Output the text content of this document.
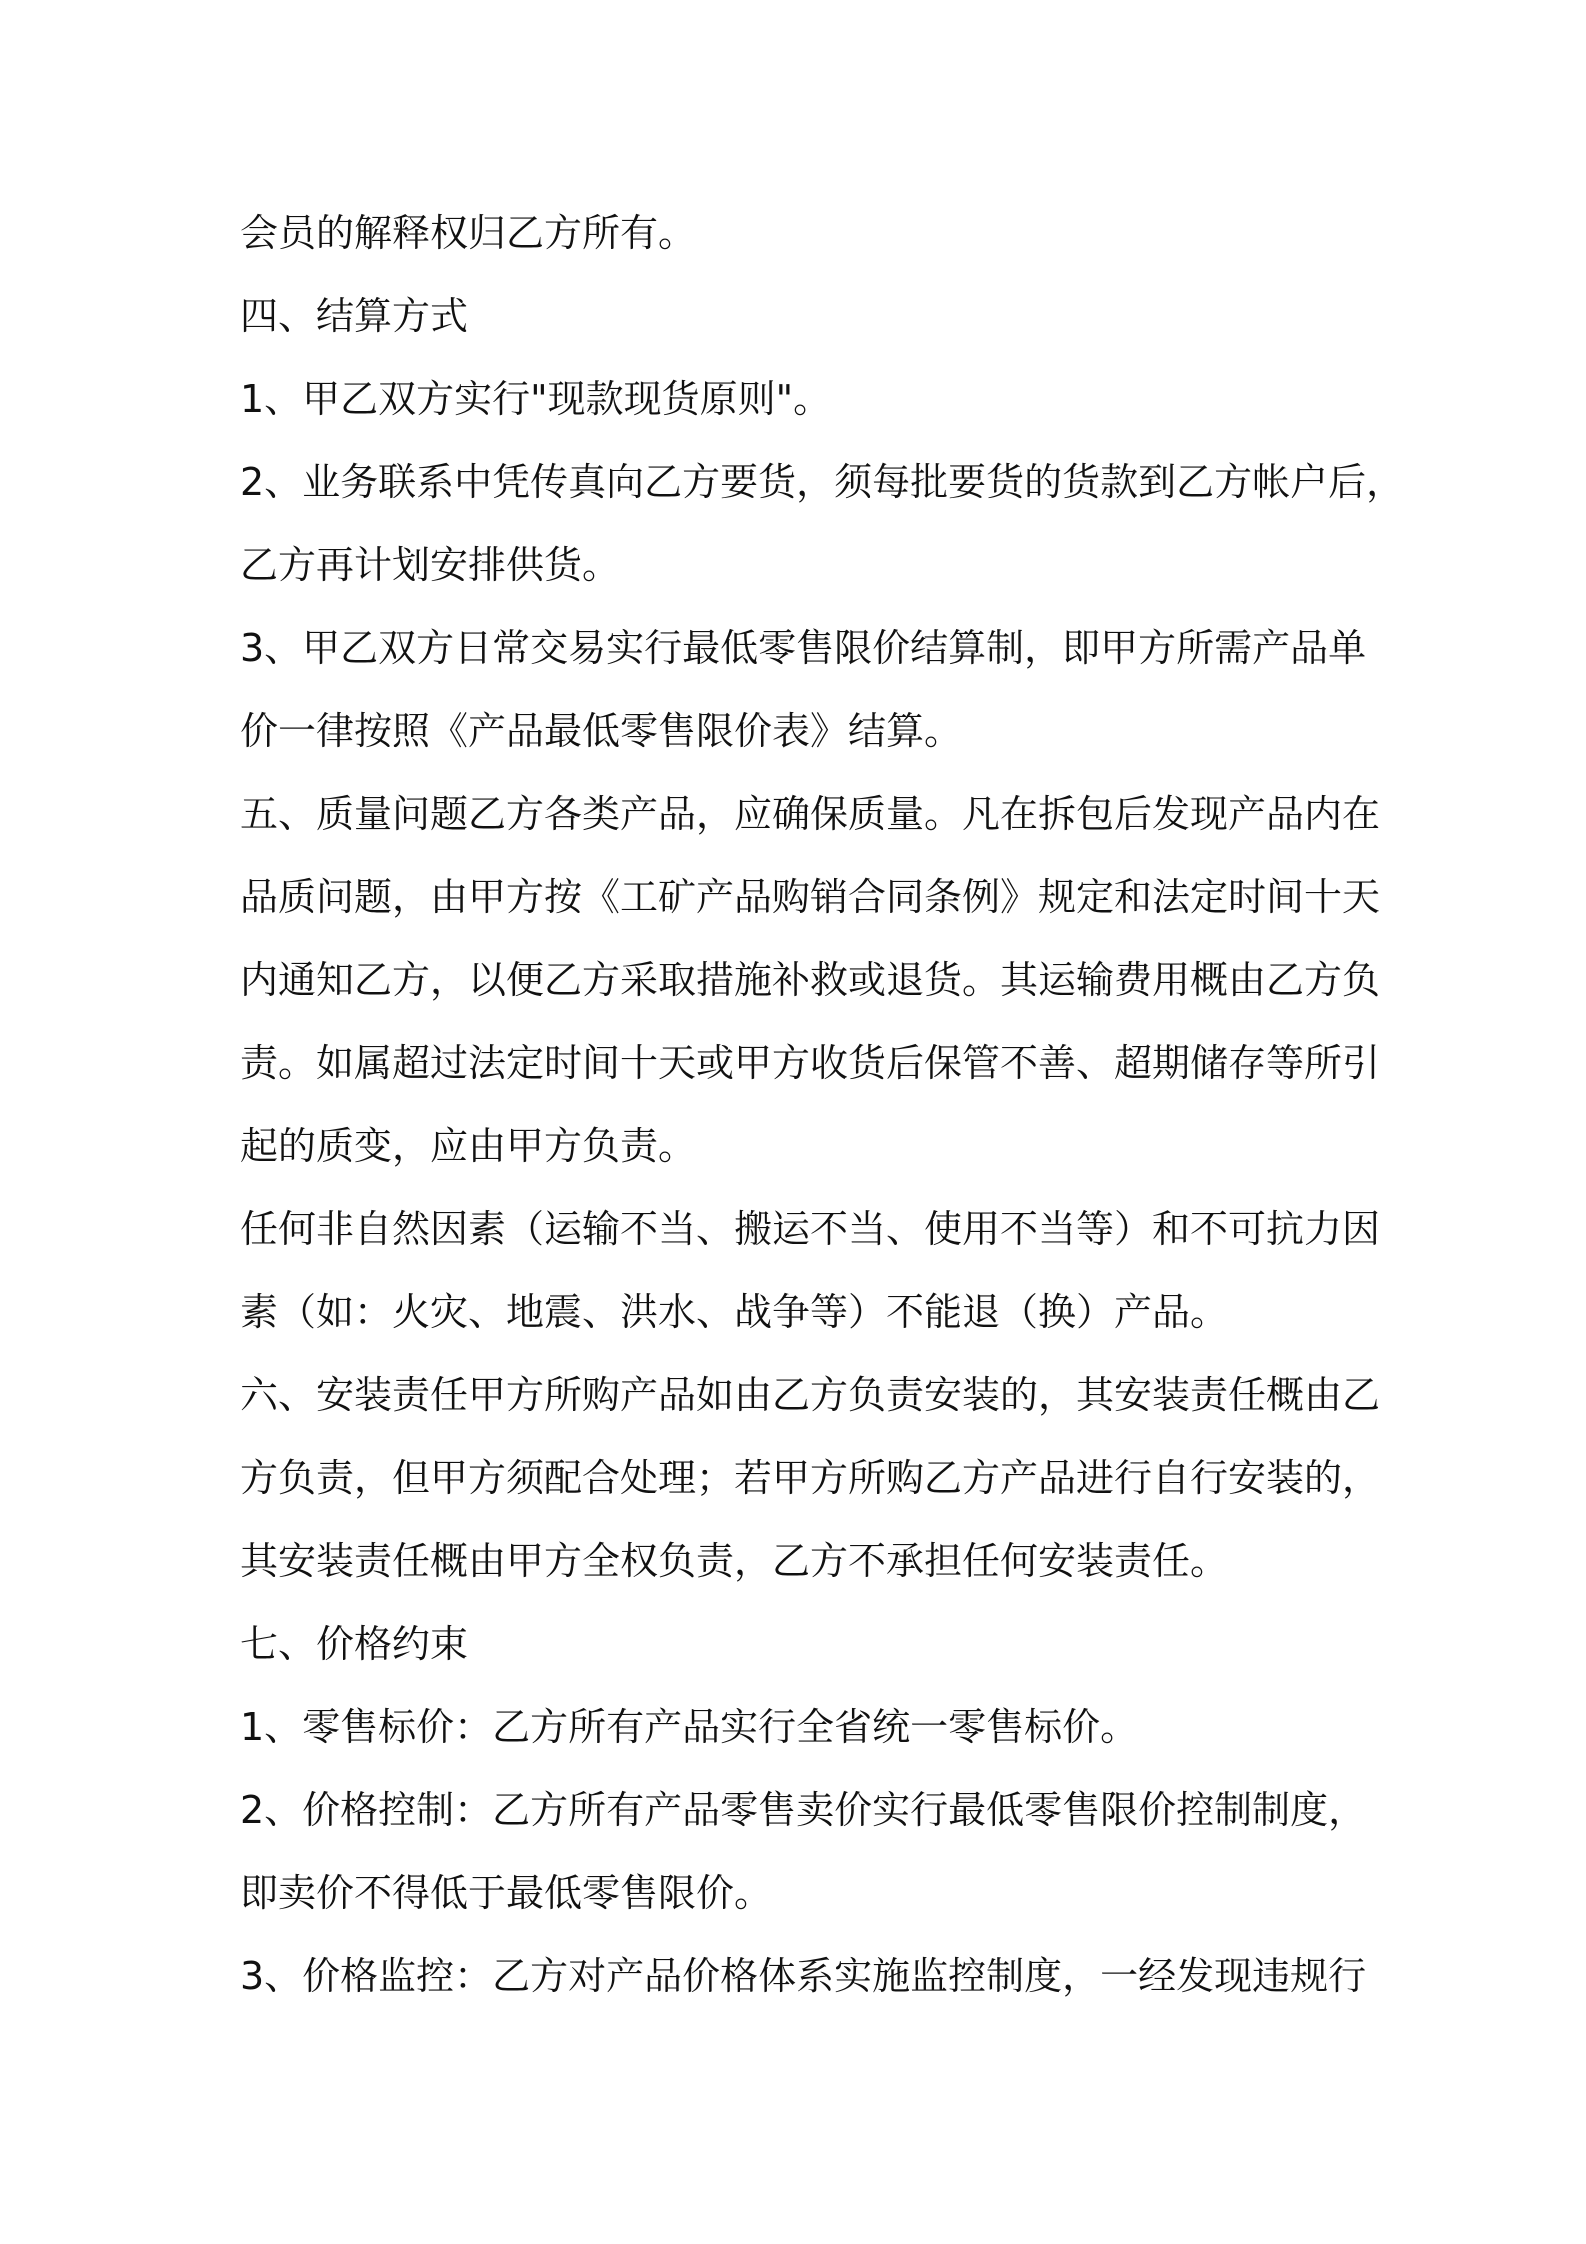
会员的解释权归乙方所有。
四、结算方式
1、甲乙双方实行"现款现货原则"。
2、业务联系中凭传真向乙方要货，须每批要货的货款到乙方帐户后，
乙方再计划安排供货。
3、甲乙双方日常交易实行最低零售限价结算制，即甲方所需产品单
价一律按照《产品最低零售限价表》结算。
五、质量问题乙方各类产品，应确保质量。凡在拆包后发现产品内在
品质问题，由甲方按《工矿产品购销合同条例》规定和法定时间十天
内通知乙方，以便乙方采取措施补救或退货。其运输费用概由乙方负
责。如属超过法定时间十天或甲方收货后保管不善、超期储存等所引
起的质变，应由甲方负责。
任何非自然因素（运输不当、搬运不当、使用不当等）和不可抗力因
素（如：火灾、地震、洪水、战争等）不能退（换）产品。
六、安装责任甲方所购产品如由乙方负责安装的，其安装责任概由乙
方负责，但甲方须配合处理；若甲方所购乙方产品进行自行安装的，
其安装责任概由甲方全权负责，乙方不承担任何安装责任。
七、价格约束
1、零售标价：乙方所有产品实行全省统一零售标价。
2、价格控制：乙方所有产品零售卖价实行最低零售限价控制制度，
即卖价不得低于最低零售限价。
3、价格监控：乙方对产品价格体系实施监控制度，一经发现违规行
